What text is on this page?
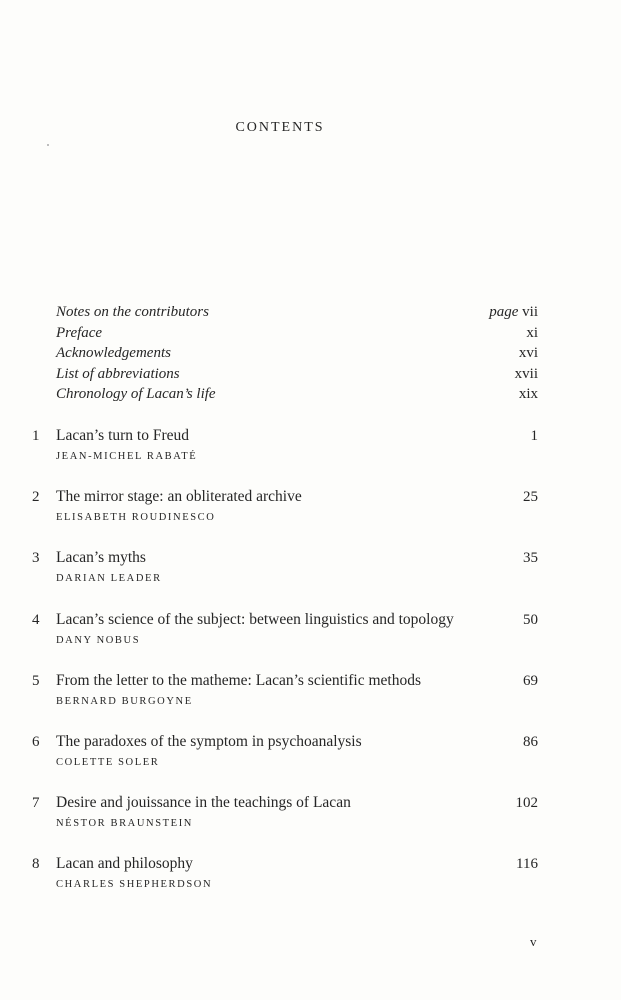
CONTENTS
Notes on the contributors	page vii
Preface	xi
Acknowledgements	xvi
List of abbreviations	xvii
Chronology of Lacan’s life	xix
1 Lacan’s turn to Freud	1
JEAN-MICHEL RABATÉ
2 The mirror stage: an obliterated archive	25
ELISABETH ROUDINESCO
3 Lacan’s myths	35
DARIAN LEADER
4 Lacan’s science of the subject: between linguistics and topology	50
DANY NOBUS
5 From the letter to the matheme: Lacan’s scientific methods	69
BERNARD BURGOYNE
6 The paradoxes of the symptom in psychoanalysis	86
COLETTE SOLER
7 Desire and jouissance in the teachings of Lacan	102
NÉSTOR BRAUNSTEIN
8 Lacan and philosophy	116
CHARLES SHEPHERDSON
v
